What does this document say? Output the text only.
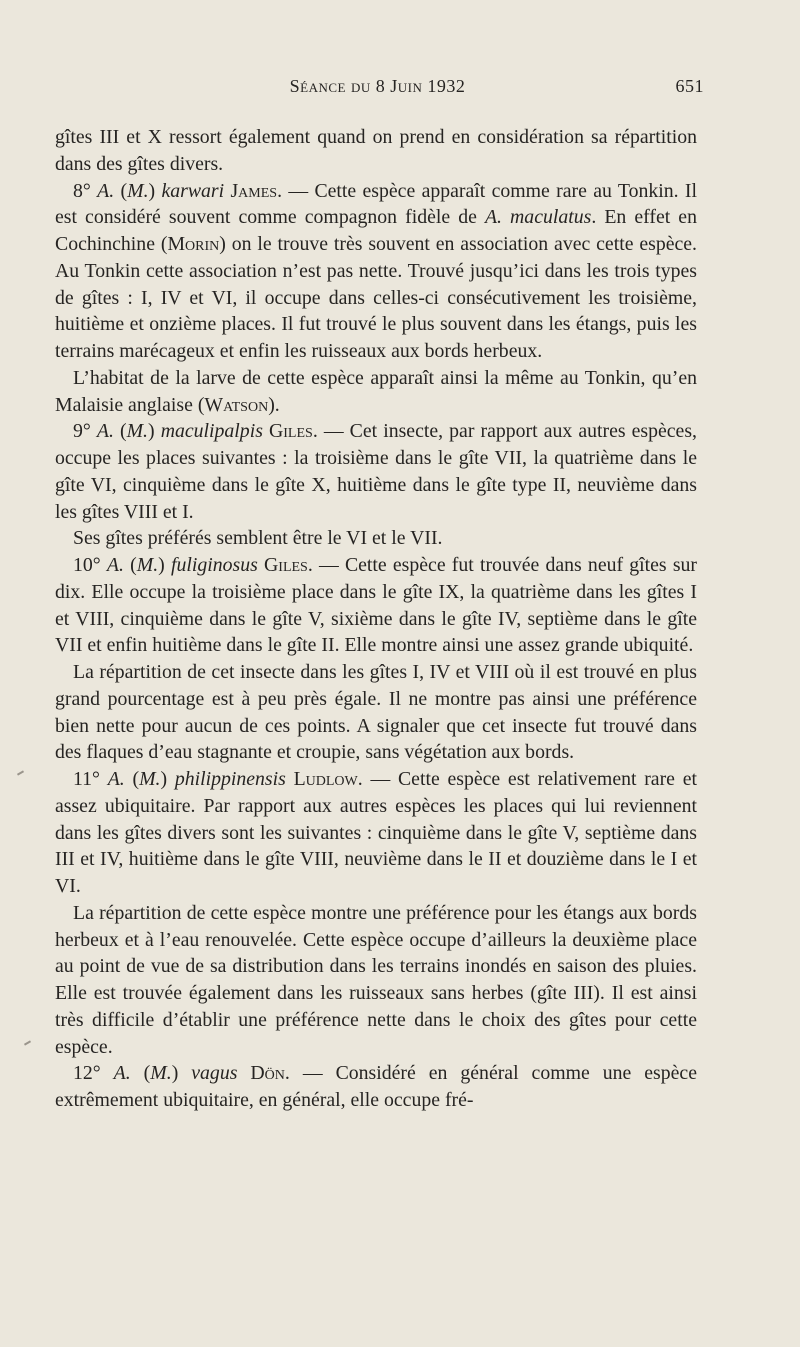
Séance du 8 Juin 1932	651

gîtes III et X ressort également quand on prend en considération sa répartition dans des gîtes divers.

8° A. (M.) karwari James. — Cette espèce apparaît comme rare au Tonkin. Il est considéré souvent comme compagnon fidèle de A. maculatus. En effet en Cochinchine (Morin) on le trouve très souvent en association avec cette espèce. Au Tonkin cette association n’est pas nette. Trouvé jusqu’ici dans les trois types de gîtes : I, IV et VI, il occupe dans celles-ci consécutivement les troisième, huitième et onzième places. Il fut trouvé le plus souvent dans les étangs, puis les terrains marécageux et enfin les ruisseaux aux bords herbeux.

L’habitat de la larve de cette espèce apparaît ainsi la même au Tonkin, qu’en Malaisie anglaise (Watson).

9° A. (M.) maculipalpis Giles. — Cet insecte, par rapport aux autres espèces, occupe les places suivantes : la troisième dans le gîte VII, la quatrième dans le gîte VI, cinquième dans le gîte X, huitième dans le gîte type II, neuvième dans les gîtes VIII et I.

Ses gîtes préférés semblent être le VI et le VII.

10° A. (M.) fuliginosus Giles. — Cette espèce fut trouvée dans neuf gîtes sur dix. Elle occupe la troisième place dans le gîte IX, la quatrième dans les gîtes I et VIII, cinquième dans le gîte V, sixième dans le gîte IV, septième dans le gîte VII et enfin huitième dans le gîte II. Elle montre ainsi une assez grande ubiquité.

La répartition de cet insecte dans les gîtes I, IV et VIII où il est trouvé en plus grand pourcentage est à peu près égale. Il ne montre pas ainsi une préférence bien nette pour aucun de ces points. A signaler que cet insecte fut trouvé dans des flaques d’eau stagnante et croupie, sans végétation aux bords.

11° A. (M.) philippinensis Ludlow. — Cette espèce est relativement rare et assez ubiquitaire. Par rapport aux autres espèces les places qui lui reviennent dans les gîtes divers sont les suivantes : cinquième dans le gîte V, septième dans III et IV, huitième dans le gîte VIII, neuvième dans le II et douzième dans le I et VI.

La répartition de cette espèce montre une préférence pour les étangs aux bords herbeux et à l’eau renouvelée. Cette espèce occupe d’ailleurs la deuxième place au point de vue de sa distribution dans les terrains inondés en saison des pluies. Elle est trouvée également dans les ruisseaux sans herbes (gîte III). Il est ainsi très difficile d’établir une préférence nette dans le choix des gîtes pour cette espèce.

12° A. (M.) vagus Dön. — Considéré en général comme une espèce extrêmement ubiquitaire, en général, elle occupe fré-
